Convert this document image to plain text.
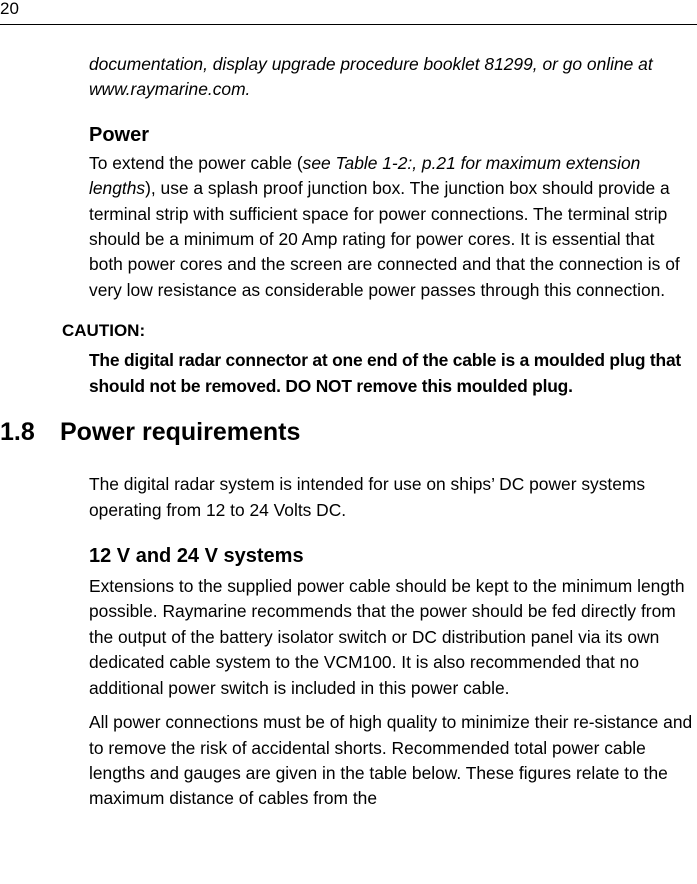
20

documentation, display upgrade procedure booklet 81299, or go online at www.raymarine.com.

Power

To extend the power cable (see Table 1-2:, p.21 for maximum extension lengths), use a splash proof junction box. The junction box should provide a terminal strip with sufficient space for power connections. The terminal strip should be a minimum of 20 Amp rating for power cores. It is essential that both power cores and the screen are connected and that the connection is of very low resistance as considerable power passes through this connection.

CAUTION:

The digital radar connector at one end of the cable is a moulded plug that should not be removed. DO NOT remove this moulded plug.

1.8	Power requirements

The digital radar system is intended for use on ships’ DC power systems operating from 12 to 24 Volts DC.

12 V and 24 V systems

Extensions to the supplied power cable should be kept to the minimum length possible. Raymarine recommends that the power should be fed directly from the output of the battery isolator switch or DC distribution panel via its own dedicated cable system to the VCM100. It is also recommended that no additional power switch is included in this power cable.

All power connections must be of high quality to minimize their re-sistance and to remove the risk of accidental shorts. Recommended total power cable lengths and gauges are given in the table below. These figures relate to the maximum distance of cables from the
